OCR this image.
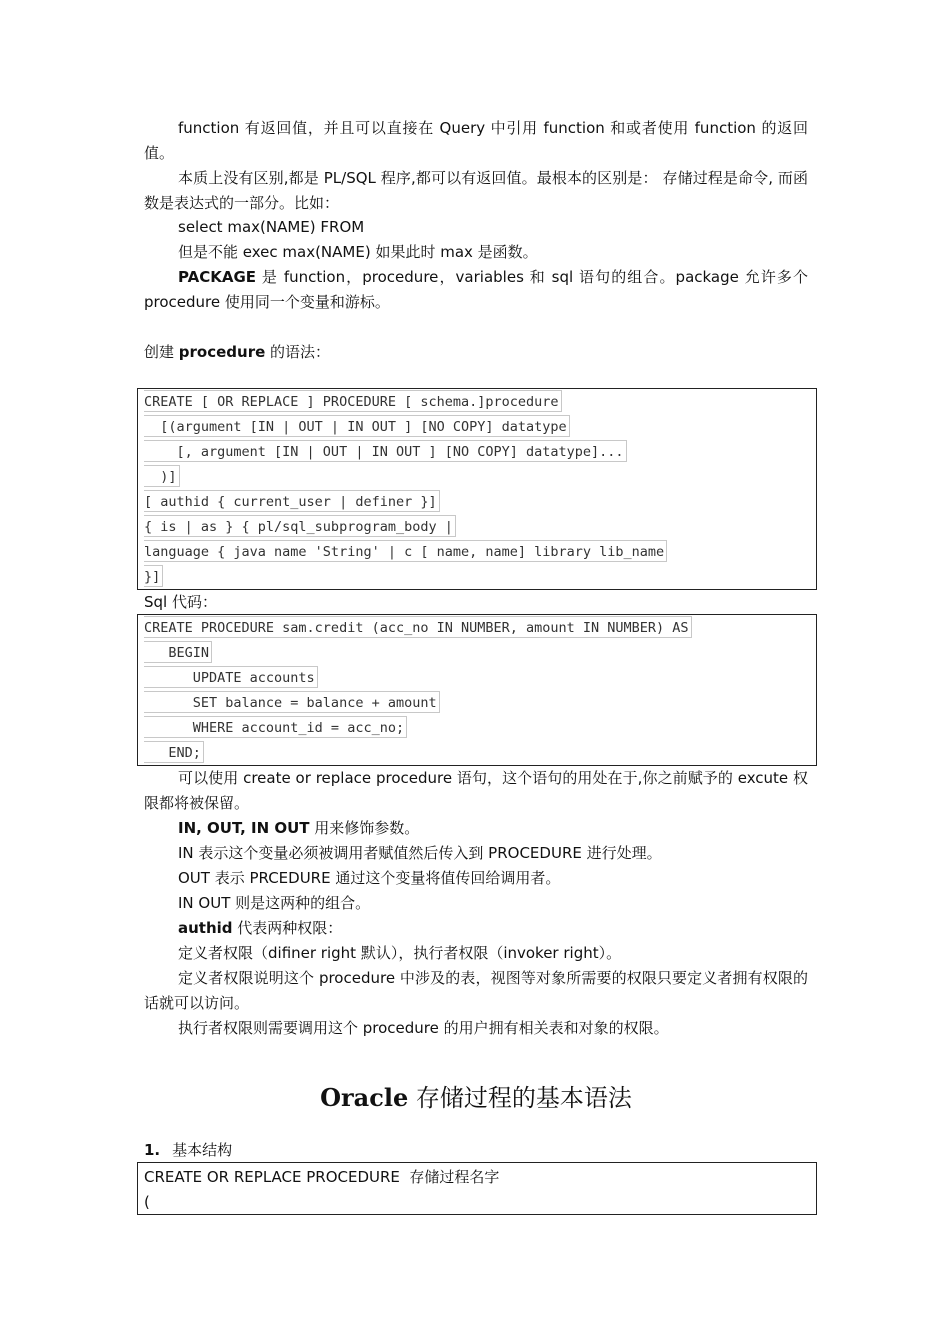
function 有返回值，并且可以直接在 Query 中引用 function 和或者使用 function 的返回值。
本质上没有区别,都是 PL/SQL 程序,都可以有返回值。最根本的区别是： 存储过程是命令, 而函数是表达式的一部分。比如：
select max(NAME) FROM
但是不能 exec max(NAME) 如果此时 max 是函数。
PACKAGE 是 function，procedure，variables 和 sql 语句的组合。package 允许多个 procedure 使用同一个变量和游标。
创建 procedure 的语法：
CREATE [ OR REPLACE ] PROCEDURE [ schema.]procedure
[(argument [IN | OUT | IN OUT ] [NO COPY] datatype
[, argument [IN | OUT | IN OUT ] [NO COPY] datatype]...
)]
[ authid { current_user | definer }]
{ is | as } { pl/sql_subprogram_body |
language { java name 'String' | c [ name, name] library lib_name
}]
Sql 代码：
CREATE PROCEDURE sam.credit (acc_no IN NUMBER, amount IN NUMBER) AS
BEGIN
UPDATE accounts
SET balance = balance + amount
WHERE account_id = acc_no;
END;
可以使用 create or replace procedure 语句，这个语句的用处在于,你之前赋予的 excute 权限都将被保留。
IN, OUT, IN OUT 用来修饰参数。
IN 表示这个变量必须被调用者赋值然后传入到 PROCEDURE 进行处理。
OUT 表示 PRCEDURE 通过这个变量将值传回给调用者。
IN OUT 则是这两种的组合。
authid 代表两种权限：
定义者权限（difiner right 默认），执行者权限（invoker right）。
定义者权限说明这个 procedure 中涉及的表，视图等对象所需要的权限只要定义者拥有权限的话就可以访问。
执行者权限则需要调用这个 procedure 的用户拥有相关表和对象的权限。
Oracle 存储过程的基本语法
1. 基本结构
CREATE OR REPLACE PROCEDURE  存储过程名字
(
